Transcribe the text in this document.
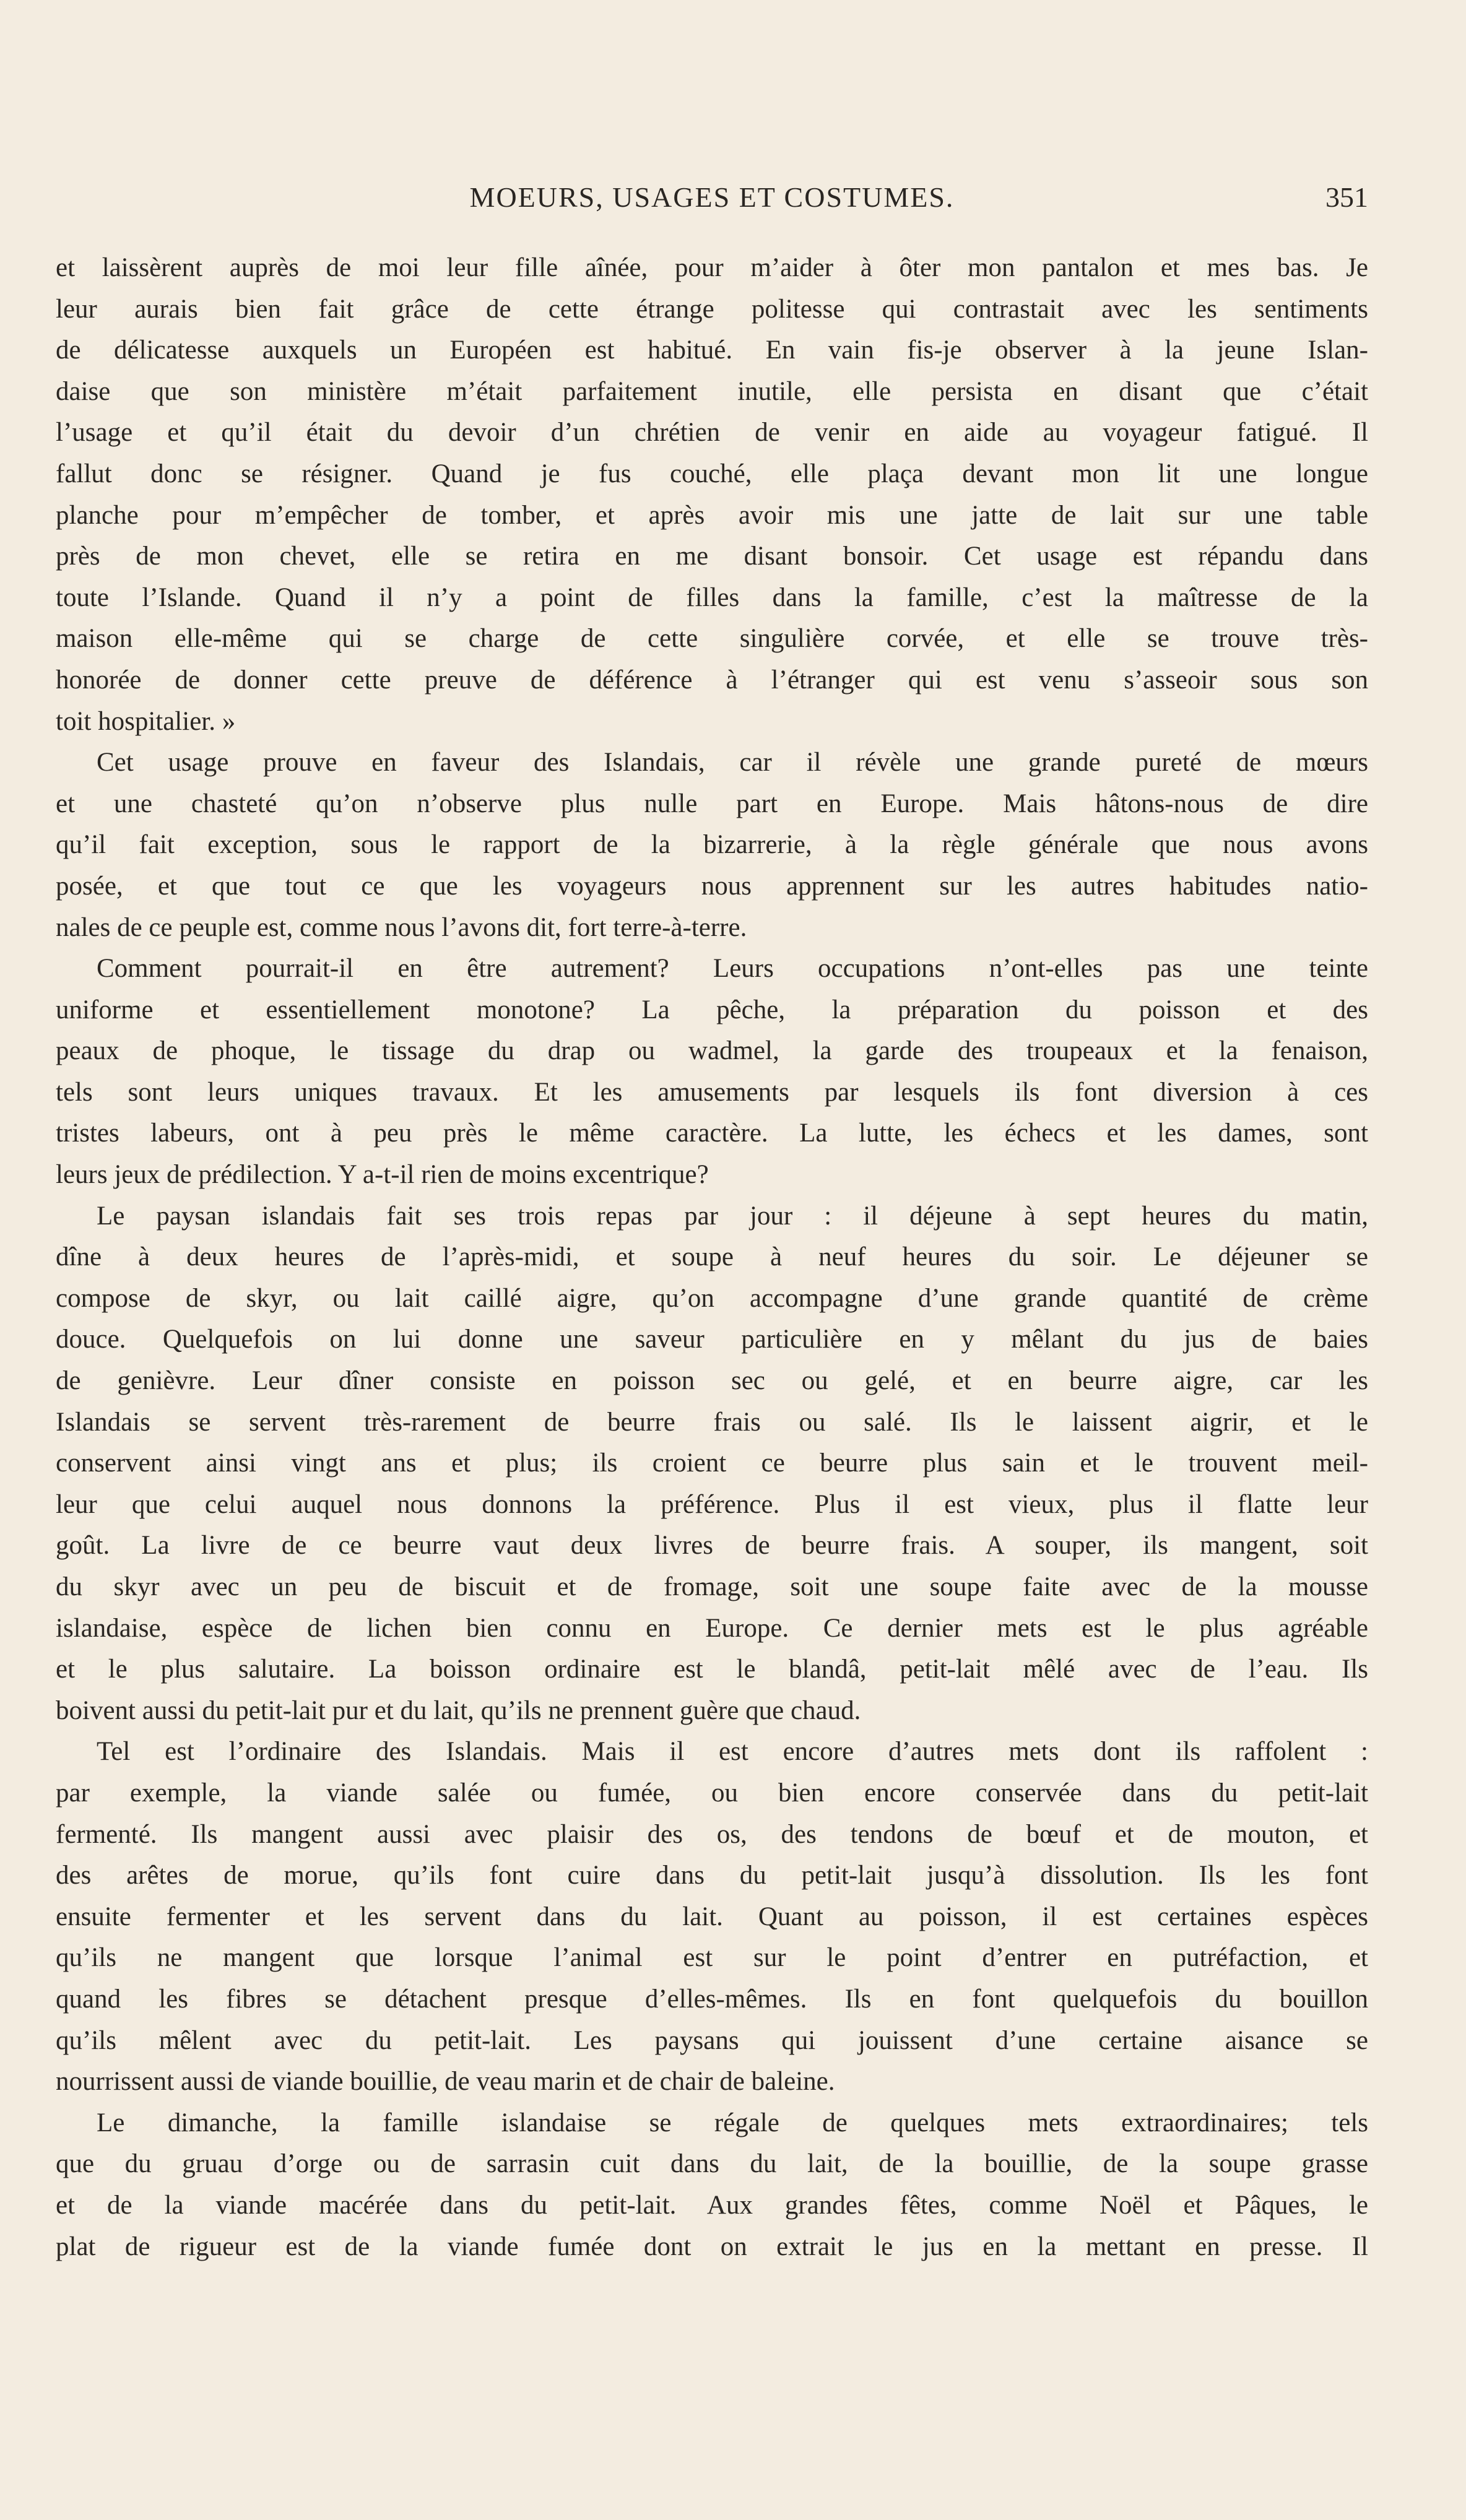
MOEURS, USAGES ET COSTUMES.	351
et laissèrent auprès de moi leur fille aînée, pour m’aider à ôter mon pantalon et mes bas. Je
leur aurais bien fait grâce de cette étrange politesse qui contrastait avec les sentiments
de délicatesse auxquels un Européen est habitué. En vain fis-je observer à la jeune Islan-
daise que son ministère m’était parfaitement inutile, elle persista en disant que c’était
l’usage et qu’il était du devoir d’un chrétien de venir en aide au voyageur fatigué. Il
fallut donc se résigner. Quand je fus couché, elle plaça devant mon lit une longue
planche pour m’empêcher de tomber, et après avoir mis une jatte de lait sur une table
près de mon chevet, elle se retira en me disant bonsoir. Cet usage est répandu dans
toute l’Islande. Quand il n’y a point de filles dans la famille, c’est la maîtresse de la
maison elle-même qui se charge de cette singulière corvée, et elle se trouve très-
honorée de donner cette preuve de déférence à l’étranger qui est venu s’asseoir sous son
toit hospitalier. »
Cet usage prouve en faveur des Islandais, car il révèle une grande pureté de mœurs
et une chasteté qu’on n’observe plus nulle part en Europe. Mais hâtons-nous de dire
qu’il fait exception, sous le rapport de la bizarrerie, à la règle générale que nous avons
posée, et que tout ce que les voyageurs nous apprennent sur les autres habitudes natio-
nales de ce peuple est, comme nous l’avons dit, fort terre-à-terre.
Comment pourrait-il en être autrement? Leurs occupations n’ont-elles pas une teinte
uniforme et essentiellement monotone? La pêche, la préparation du poisson et des
peaux de phoque, le tissage du drap ou wadmel, la garde des troupeaux et la fenaison,
tels sont leurs uniques travaux. Et les amusements par lesquels ils font diversion à ces
tristes labeurs, ont à peu près le même caractère. La lutte, les échecs et les dames, sont
leurs jeux de prédilection. Y a-t-il rien de moins excentrique?
Le paysan islandais fait ses trois repas par jour : il déjeune à sept heures du matin,
dîne à deux heures de l’après-midi, et soupe à neuf heures du soir. Le déjeuner se
compose de skyr, ou lait caillé aigre, qu’on accompagne d’une grande quantité de crème
douce. Quelquefois on lui donne une saveur particulière en y mêlant du jus de baies
de genièvre. Leur dîner consiste en poisson sec ou gelé, et en beurre aigre, car les
Islandais se servent très-rarement de beurre frais ou salé. Ils le laissent aigrir, et le
conservent ainsi vingt ans et plus; ils croient ce beurre plus sain et le trouvent meil-
leur que celui auquel nous donnons la préférence. Plus il est vieux, plus il flatte leur
goût. La livre de ce beurre vaut deux livres de beurre frais. A souper, ils mangent, soit
du skyr avec un peu de biscuit et de fromage, soit une soupe faite avec de la mousse
islandaise, espèce de lichen bien connu en Europe. Ce dernier mets est le plus agréable
et le plus salutaire. La boisson ordinaire est le blandâ, petit-lait mêlé avec de l’eau. Ils
boivent aussi du petit-lait pur et du lait, qu’ils ne prennent guère que chaud.
Tel est l’ordinaire des Islandais. Mais il est encore d’autres mets dont ils raffolent :
par exemple, la viande salée ou fumée, ou bien encore conservée dans du petit-lait
fermenté. Ils mangent aussi avec plaisir des os, des tendons de bœuf et de mouton, et
des arêtes de morue, qu’ils font cuire dans du petit-lait jusqu’à dissolution. Ils les font
ensuite fermenter et les servent dans du lait. Quant au poisson, il est certaines espèces
qu’ils ne mangent que lorsque l’animal est sur le point d’entrer en putréfaction, et
quand les fibres se détachent presque d’elles-mêmes. Ils en font quelquefois du bouillon
qu’ils mêlent avec du petit-lait. Les paysans qui jouissent d’une certaine aisance se
nourrissent aussi de viande bouillie, de veau marin et de chair de baleine.
Le dimanche, la famille islandaise se régale de quelques mets extraordinaires; tels
que du gruau d’orge ou de sarrasin cuit dans du lait, de la bouillie, de la soupe grasse
et de la viande macérée dans du petit-lait. Aux grandes fêtes, comme Noël et Pâques, le
plat de rigueur est de la viande fumée dont on extrait le jus en la mettant en presse. Il
